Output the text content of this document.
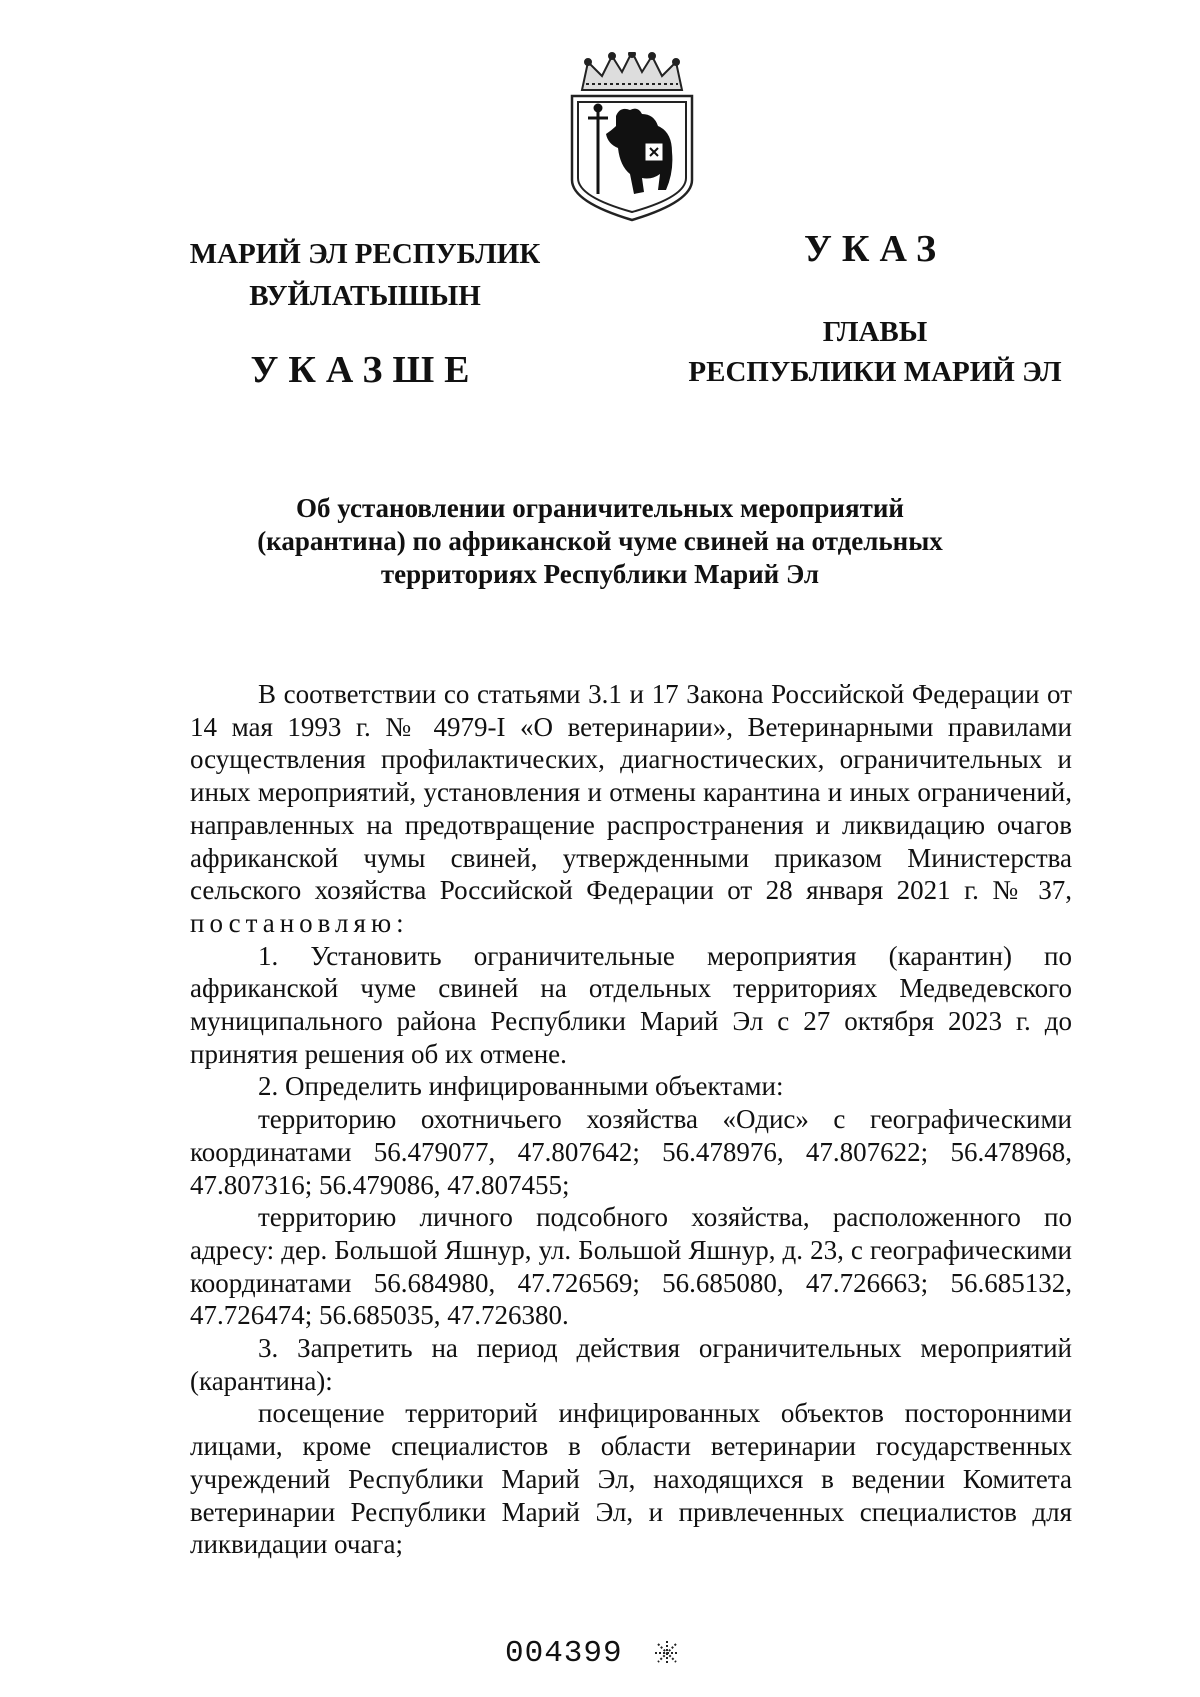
МАРИЙ ЭЛ РЕСПУБЛИК
ВУЙЛАТЫШЫН
УКАЗШЕ
УКАЗ
ГЛАВЫ
РЕСПУБЛИКИ МАРИЙ ЭЛ
Об установлении ограничительных мероприятий
(карантина) по африканской чуме свиней на отдельных
территориях Республики Марий Эл

В соответствии со статьями 3.1 и 17 Закона Российской Федерации от 14 мая 1993 г. № 4979-I «О ветеринарии», Ветеринарными правилами осуществления профилактических, диагностических, ограничительных и иных мероприятий, установления и отмены карантина и иных ограничений, направленных на предотвращение распространения и ликвидацию очагов африканской чумы свиней, утвержденными приказом Министерства сельского хозяйства Российской Федерации от 28 января 2021 г. № 37, постановляю:

1. Установить ограничительные мероприятия (карантин) по африканской чуме свиней на отдельных территориях Медведевского муниципального района Республики Марий Эл с 27 октября 2023 г. до принятия решения об их отмене.

2. Определить инфицированными объектами:

территорию охотничьего хозяйства «Одис» с географическими координатами 56.479077, 47.807642; 56.478976, 47.807622; 56.478968, 47.807316; 56.479086, 47.807455;

территорию личного подсобного хозяйства, расположенного по адресу: дер. Большой Яшнур, ул. Большой Яшнур, д. 23, с географическими координатами 56.684980, 47.726569; 56.685080, 47.726663; 56.685132, 47.726474; 56.685035, 47.726380.

3. Запретить на период действия ограничительных мероприятий (карантина):

посещение территорий инфицированных объектов посторонними лицами, кроме специалистов в области ветеринарии государственных учреждений Республики Марий Эл, находящихся в ведении Комитета ветеринарии Республики Марий Эл, и привлеченных специалистов для ликвидации очага;

004399
